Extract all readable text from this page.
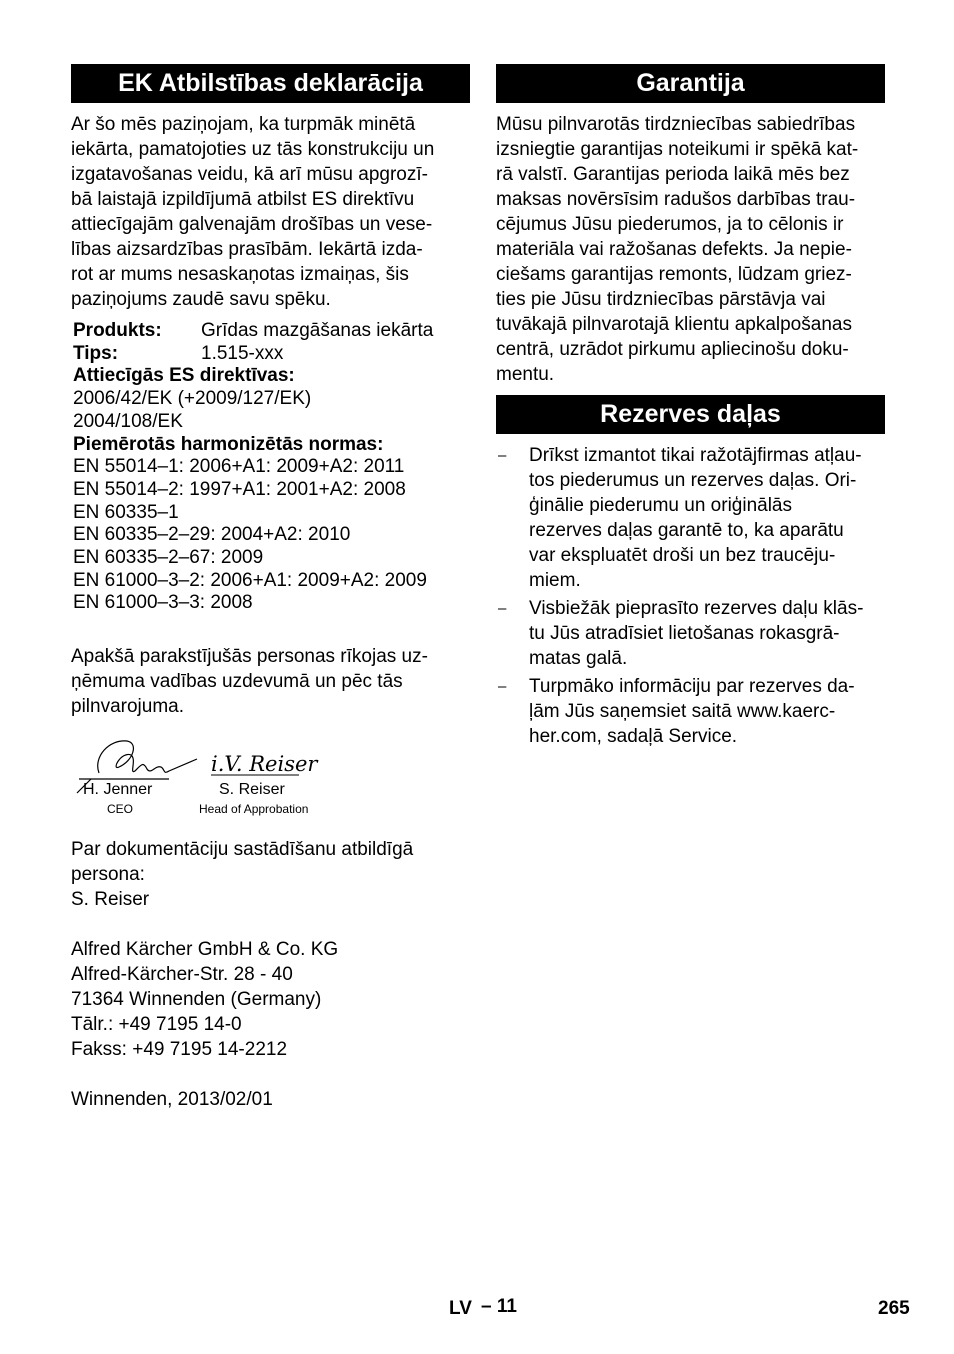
EK Atbilstības deklarācija

Ar šo mēs paziņojam, ka turpmāk minētā

iekārta, pamatojoties uz tās konstrukciju un

izgatavošanas veidu, kā arī mūsu apgrozī-

bā laistajā izpildījumā atbilst ES direktīvu

attiecīgajām galvenajām drošības un vese-

lības aizsardzības prasībām. Iekārtā izda-

rot ar mums nesaskaņotas izmaiņas, šis

paziņojums zaudē savu spēku.

Produkts:	Grīdas mazgāšanas iekārta
Tips:	1.515-xxx

Attiecīgās ES direktīvas:

2006/42/EK (+2009/127/EK)

2004/108/EK

Piemērotās harmonizētās normas:

EN 55014–1: 2006+A1: 2009+A2: 2011

EN 55014–2: 1997+A1: 2001+A2: 2008

EN 60335–1

EN 60335–2–29: 2004+A2: 2010

EN 60335–2–67: 2009

EN 61000–3–2: 2006+A1: 2009+A2: 2009

EN 61000–3–3: 2008

Apakšā parakstījušās personas rīkojas uz-

ņēmuma vadības uzdevumā un pēc tās

pilnvarojuma.

i.V. Reiser
H. Jenner
CEO
S. Reiser
Head of Approbation

Par dokumentāciju sastādīšanu atbildīgā

persona:

S. Reiser

Alfred Kärcher GmbH & Co. KG

Alfred-Kärcher-Str. 28 - 40

71364 Winnenden (Germany)

Tālr.: +49 7195 14-0

Fakss: +49 7195 14-2212

Winnenden, 2013/02/01

Garantija

Mūsu pilnvarotās tirdzniecības sabiedrības

izsniegtie garantijas noteikumi ir spēkā kat-

rā valstī. Garantijas perioda laikā mēs bez

maksas novērsīsim radušos darbības trau-

cējumus Jūsu piederumos, ja to cēlonis ir

materiāla vai ražošanas defekts. Ja nepie-

ciešams garantijas remonts, lūdzam griez-

ties pie Jūsu tirdzniecības pārstāvja vai

tuvākajā pilnvarotajā klientu apkalpošanas

centrā, uzrādot pirkumu apliecinošu doku-

mentu.

Rezerves daļas
– Drīkst izmantot tikai ražotājfirmas atļau-

tos piederumus un rezerves daļas. Ori-

ģinālie piederumu un oriģinālās

rezerves daļas garantē to, ka aparātu

var ekspluatēt droši un bez traucēju-

miem.

– Visbiežāk pieprasīto rezerves daļu klās-

tu Jūs atradīsiet lietošanas rokasgrā-

matas galā.

– Turpmāko informāciju par rezerves da-

ļām Jūs saņemsiet saitā www.kaerc-

her.com, sadaļā Service.

LV – 11	265
